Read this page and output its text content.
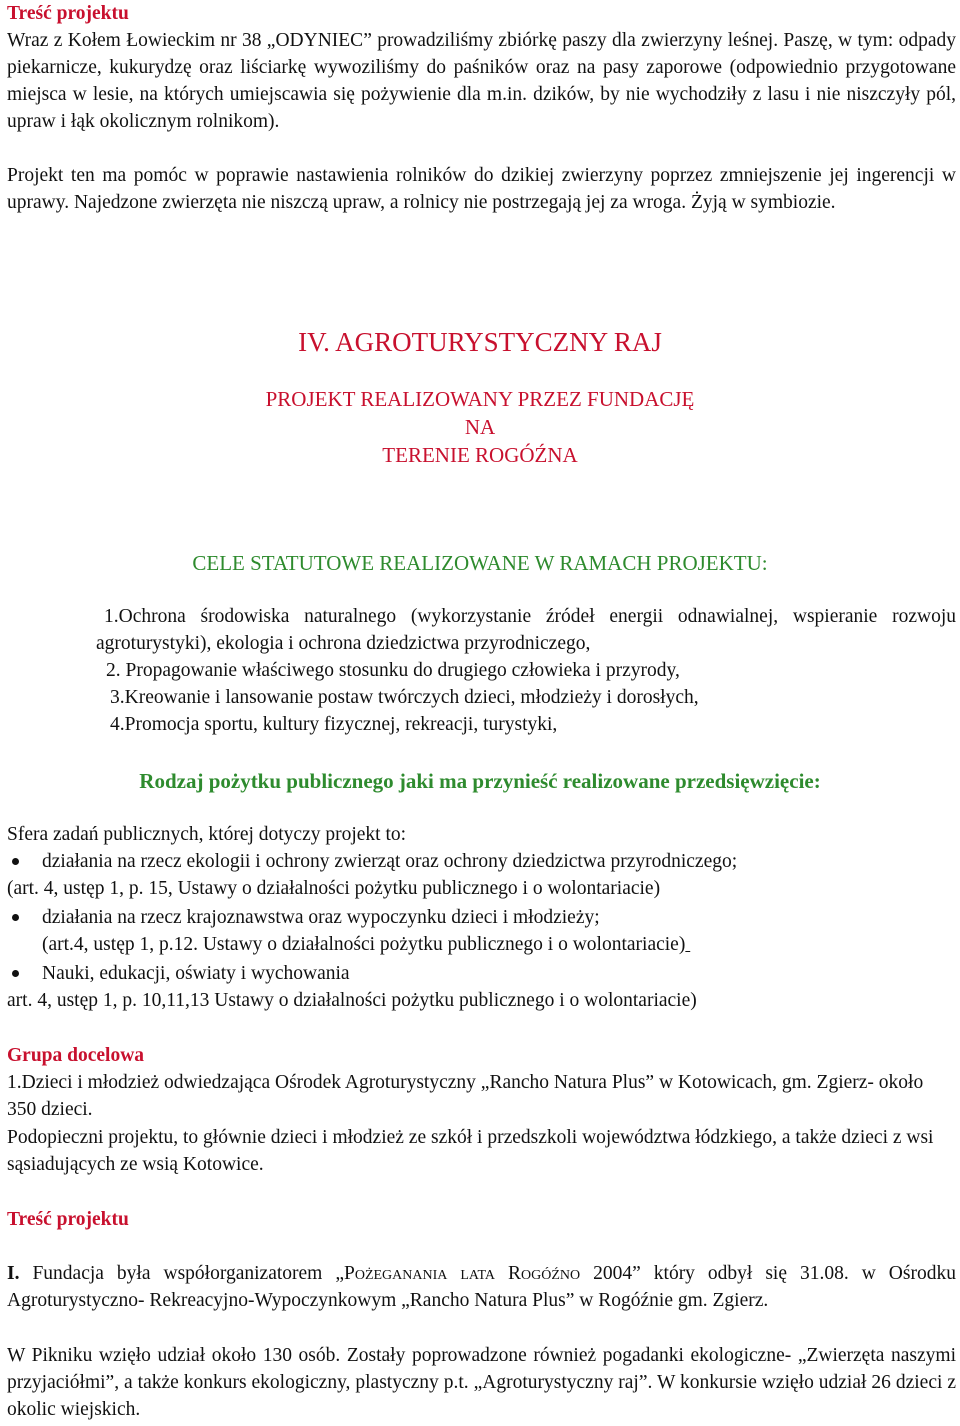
Treść projektu
Wraz z Kołem Łowieckim nr 38 „ODYNIEC” prowadziliśmy zbiórkę paszy dla zwierzyny leśnej. Paszę, w tym: odpady piekarnicze, kukurydzę oraz liściarkę wywoziliśmy do paśników oraz na pasy zaporowe (odpowiednio przygotowane miejsca w lesie, na których umiejscawia się pożywienie dla m.in. dzików, by nie wychodziły z lasu i nie niszczyły pól, upraw i łąk okolicznym rolnikom).
Projekt ten ma pomóc w poprawie nastawienia rolników do dzikiej zwierzyny poprzez zmniejszenie jej ingerencji w uprawy. Najedzone zwierzęta nie niszczą upraw, a rolnicy nie postrzegają jej za wroga. Żyją w symbiozie.
IV. AGROTURYSTYCZNY RAJ
PROJEKT REALIZOWANY PRZEZ FUNDACJĘ
NA
TERENIE ROGÓŹNA
CELE STATUTOWE REALIZOWANE W RAMACH PROJEKTU:
1.Ochrona środowiska naturalnego (wykorzystanie źródeł energii odnawialnej, wspieranie rozwoju agroturystyki), ekologia i ochrona dziedzictwa przyrodniczego,
2. Propagowanie właściwego stosunku do drugiego człowieka i przyrody,
3.Kreowanie i lansowanie postaw twórczych dzieci, młodzieży i dorosłych,
4.Promocja sportu, kultury fizycznej, rekreacji, turystyki,
Rodzaj pożytku publicznego jaki ma przynieść realizowane przedsięwzięcie:
Sfera zadań publicznych, której dotyczy projekt to:
działania na rzecz ekologii i ochrony zwierząt oraz ochrony dziedzictwa przyrodniczego;
(art. 4, ustęp 1, p. 15, Ustawy o działalności pożytku publicznego i o wolontariacie)
działania na rzecz krajoznawstwa oraz wypoczynku dzieci i młodzieży;
(art.4, ustęp 1, p.12. Ustawy o działalności pożytku publicznego i o wolontariacie)
Nauki, edukacji, oświaty i wychowania
art. 4, ustęp 1, p. 10,11,13 Ustawy o działalności pożytku publicznego i o wolontariacie)
Grupa docelowa
1.Dzieci i młodzież odwiedzająca Ośrodek Agroturystyczny „Rancho Natura Plus” w Kotowicach, gm. Zgierz- około 350 dzieci.
Podopieczni projektu, to głównie dzieci i młodzież ze szkół i przedszkoli województwa łódzkiego, a także dzieci z wsi sąsiadujących ze wsią Kotowice.
Treść projektu
I. Fundacja była współorganizatorem „Pożeganania lata Rogóźno 2004” który odbył się 31.08. w Ośrodku Agroturystyczno- Rekreacyjno-Wypoczynkowym „Rancho Natura Plus” w Rogóźnie gm. Zgierz.
W Pikniku wzięło udział około 130 osób. Zostały poprowadzone również pogadanki ekologiczne- „Zwierzęta naszymi przyjaciółmi”, a także konkurs ekologiczny, plastyczny p.t. „Agroturystyczny raj”. W konkursie wzięło udział 26 dzieci z okolic wiejskich.
